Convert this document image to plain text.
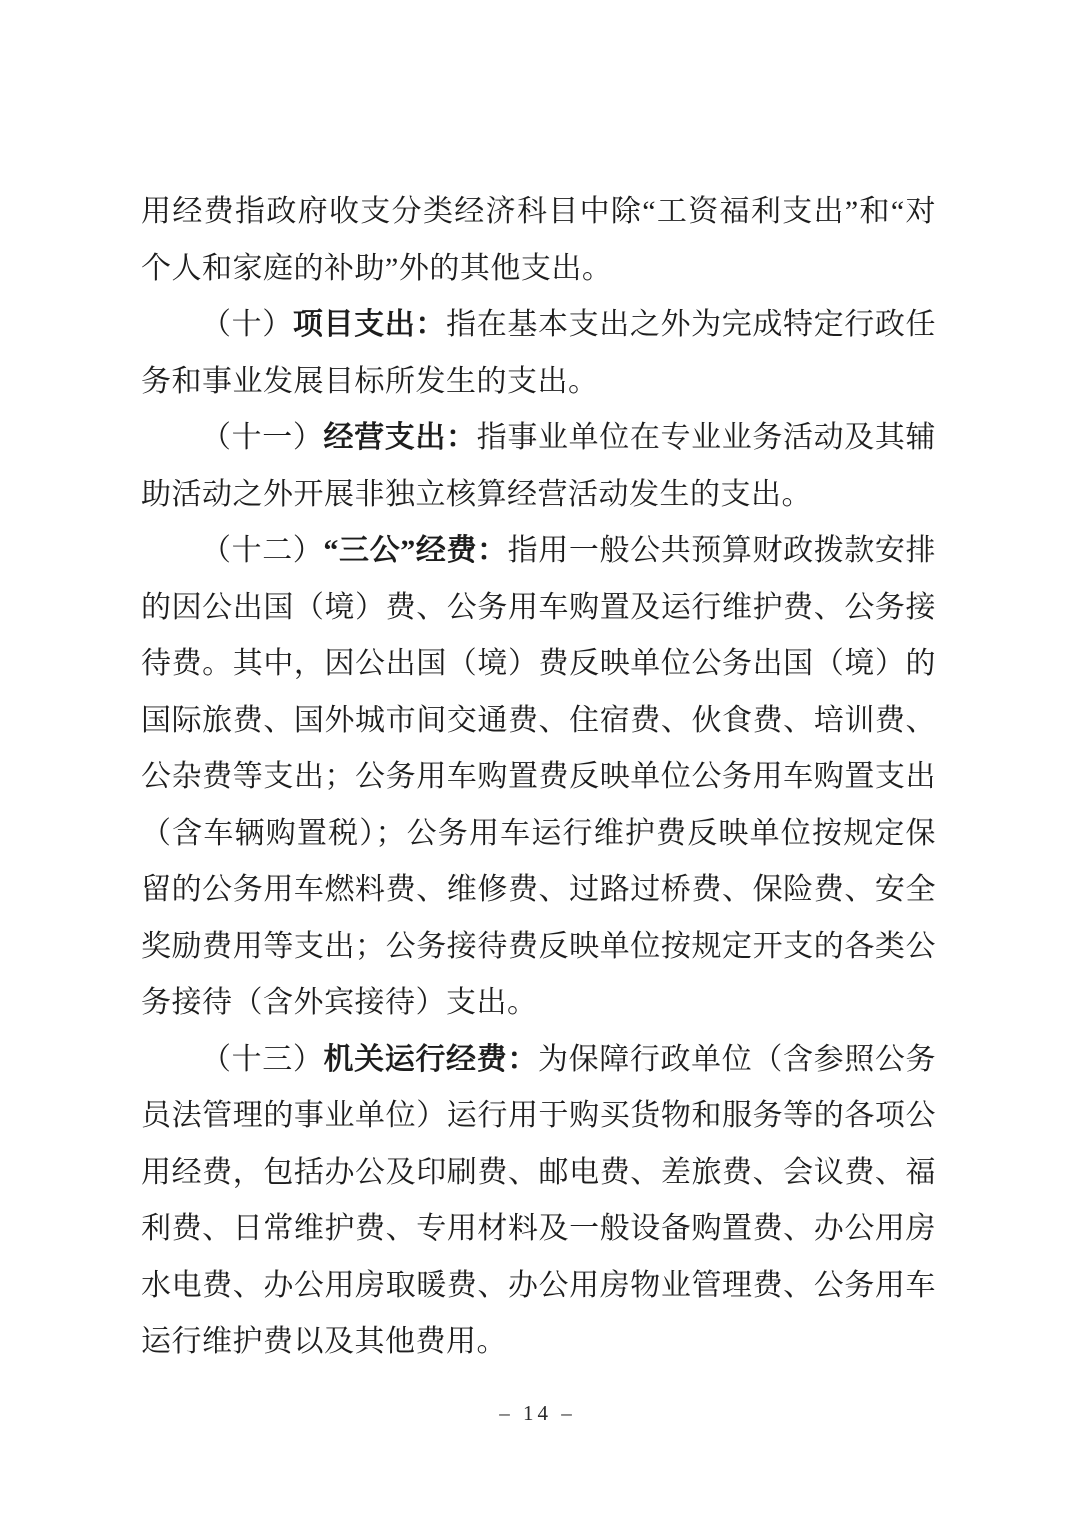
用经费指政府收支分类经济科目中除“工资福利支出”和“对个人和家庭的补助”外的其他支出。

（十）项目支出：指在基本支出之外为完成特定行政任务和事业发展目标所发生的支出。

（十一）经营支出：指事业单位在专业业务活动及其辅助活动之外开展非独立核算经营活动发生的支出。

（十二）“三公”经费：指用一般公共预算财政拨款安排的因公出国（境）费、公务用车购置及运行维护费、公务接待费。其中，因公出国（境）费反映单位公务出国（境）的国际旅费、国外城市间交通费、住宿费、伙食费、培训费、公杂费等支出；公务用车购置费反映单位公务用车购置支出（含车辆购置税）；公务用车运行维护费反映单位按规定保留的公务用车燃料费、维修费、过路过桥费、保险费、安全奖励费用等支出；公务接待费反映单位按规定开支的各类公务接待（含外宾接待）支出。

（十三）机关运行经费：为保障行政单位（含参照公务员法管理的事业单位）运行用于购买货物和服务等的各项公用经费，包括办公及印刷费、邮电费、差旅费、会议费、福利费、日常维护费、专用材料及一般设备购置费、办公用房水电费、办公用房取暖费、办公用房物业管理费、公务用车运行维护费以及其他费用。

– 14 –
